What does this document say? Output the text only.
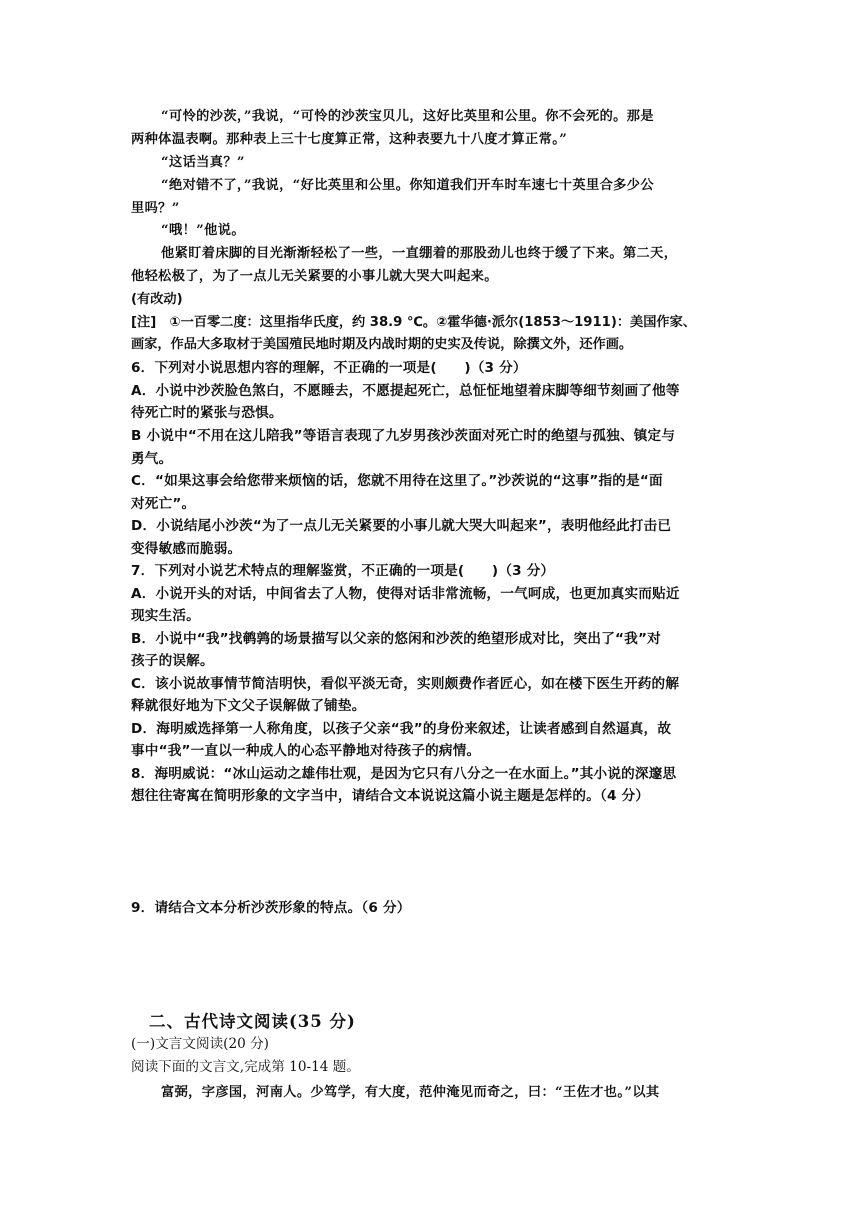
“可怜的沙茨，”我说，“可怜的沙茨宝贝儿，这好比英里和公里。你不会死的。那是
两种体温表啊。那种表上三十七度算正常，这种表要九十八度才算正常。”
“这话当真？”
“绝对错不了，”我说，“好比英里和公里。你知道我们开车时车速七十英里合多少公
里吗？”
“哦！”他说。
他紧盯着床脚的目光渐渐轻松了一些，一直绷着的那股劲儿也终于缓了下来。第二天，
他轻松极了，为了一点儿无关紧要的小事儿就大哭大叫起来。
(有改动)
[注]　①一百零二度：这里指华氏度，约 38.9 ℃。②霍华德·派尔(1853～1911)：美国作家、
画家，作品大多取材于美国殖民地时期及内战时期的史实及传说，除撰文外，还作画。
6．下列对小说思想内容的理解，不正确的一项是(　　)（3 分）
A．小说中沙茨脸色煞白，不愿睡去，不愿提起死亡，总怔怔地望着床脚等细节刻画了他等
待死亡时的紧张与恐惧。
B 小说中“不用在这儿陪我”等语言表现了九岁男孩沙茨面对死亡时的绝望与孤独、镇定与
勇气。
C．“如果这事会给您带来烦恼的话，您就不用待在这里了。”沙茨说的“这事”指的是“面
对死亡”。
D．小说结尾小沙茨“为了一点儿无关紧要的小事儿就大哭大叫起来”，表明他经此打击已
变得敏感而脆弱。
7．下列对小说艺术特点的理解鉴赏，不正确的一项是(　　)（3 分）
A．小说开头的对话，中间省去了人物，使得对话非常流畅，一气呵成，也更加真实而贴近
现实生活。
B．小说中“我”找鹌鹑的场景描写以父亲的悠闲和沙茨的绝望形成对比，突出了“我”对
孩子的误解。
C．该小说故事情节简洁明快，看似平淡无奇，实则颇费作者匠心，如在楼下医生开药的解
释就很好地为下文父子误解做了铺垫。
D．海明威选择第一人称角度，以孩子父亲“我”的身份来叙述，让读者感到自然逼真，故
事中“我”一直以一种成人的心态平静地对待孩子的病情。
8．海明威说：“冰山运动之雄伟壮观，是因为它只有八分之一在水面上。”其小说的深邃思
想往往寄寓在简明形象的文字当中，请结合文本说说这篇小说主题是怎样的。（4 分）
9．请结合文本分析沙茨形象的特点。（6 分）
二、古代诗文阅读(35 分)
(一)文言文阅读(20 分)
阅读下面的文言文,完成第 10-14 题。
富弼，字彦国，河南人。少笃学，有大度，范仲淹见而奇之，曰：“王佐才也。”以其
